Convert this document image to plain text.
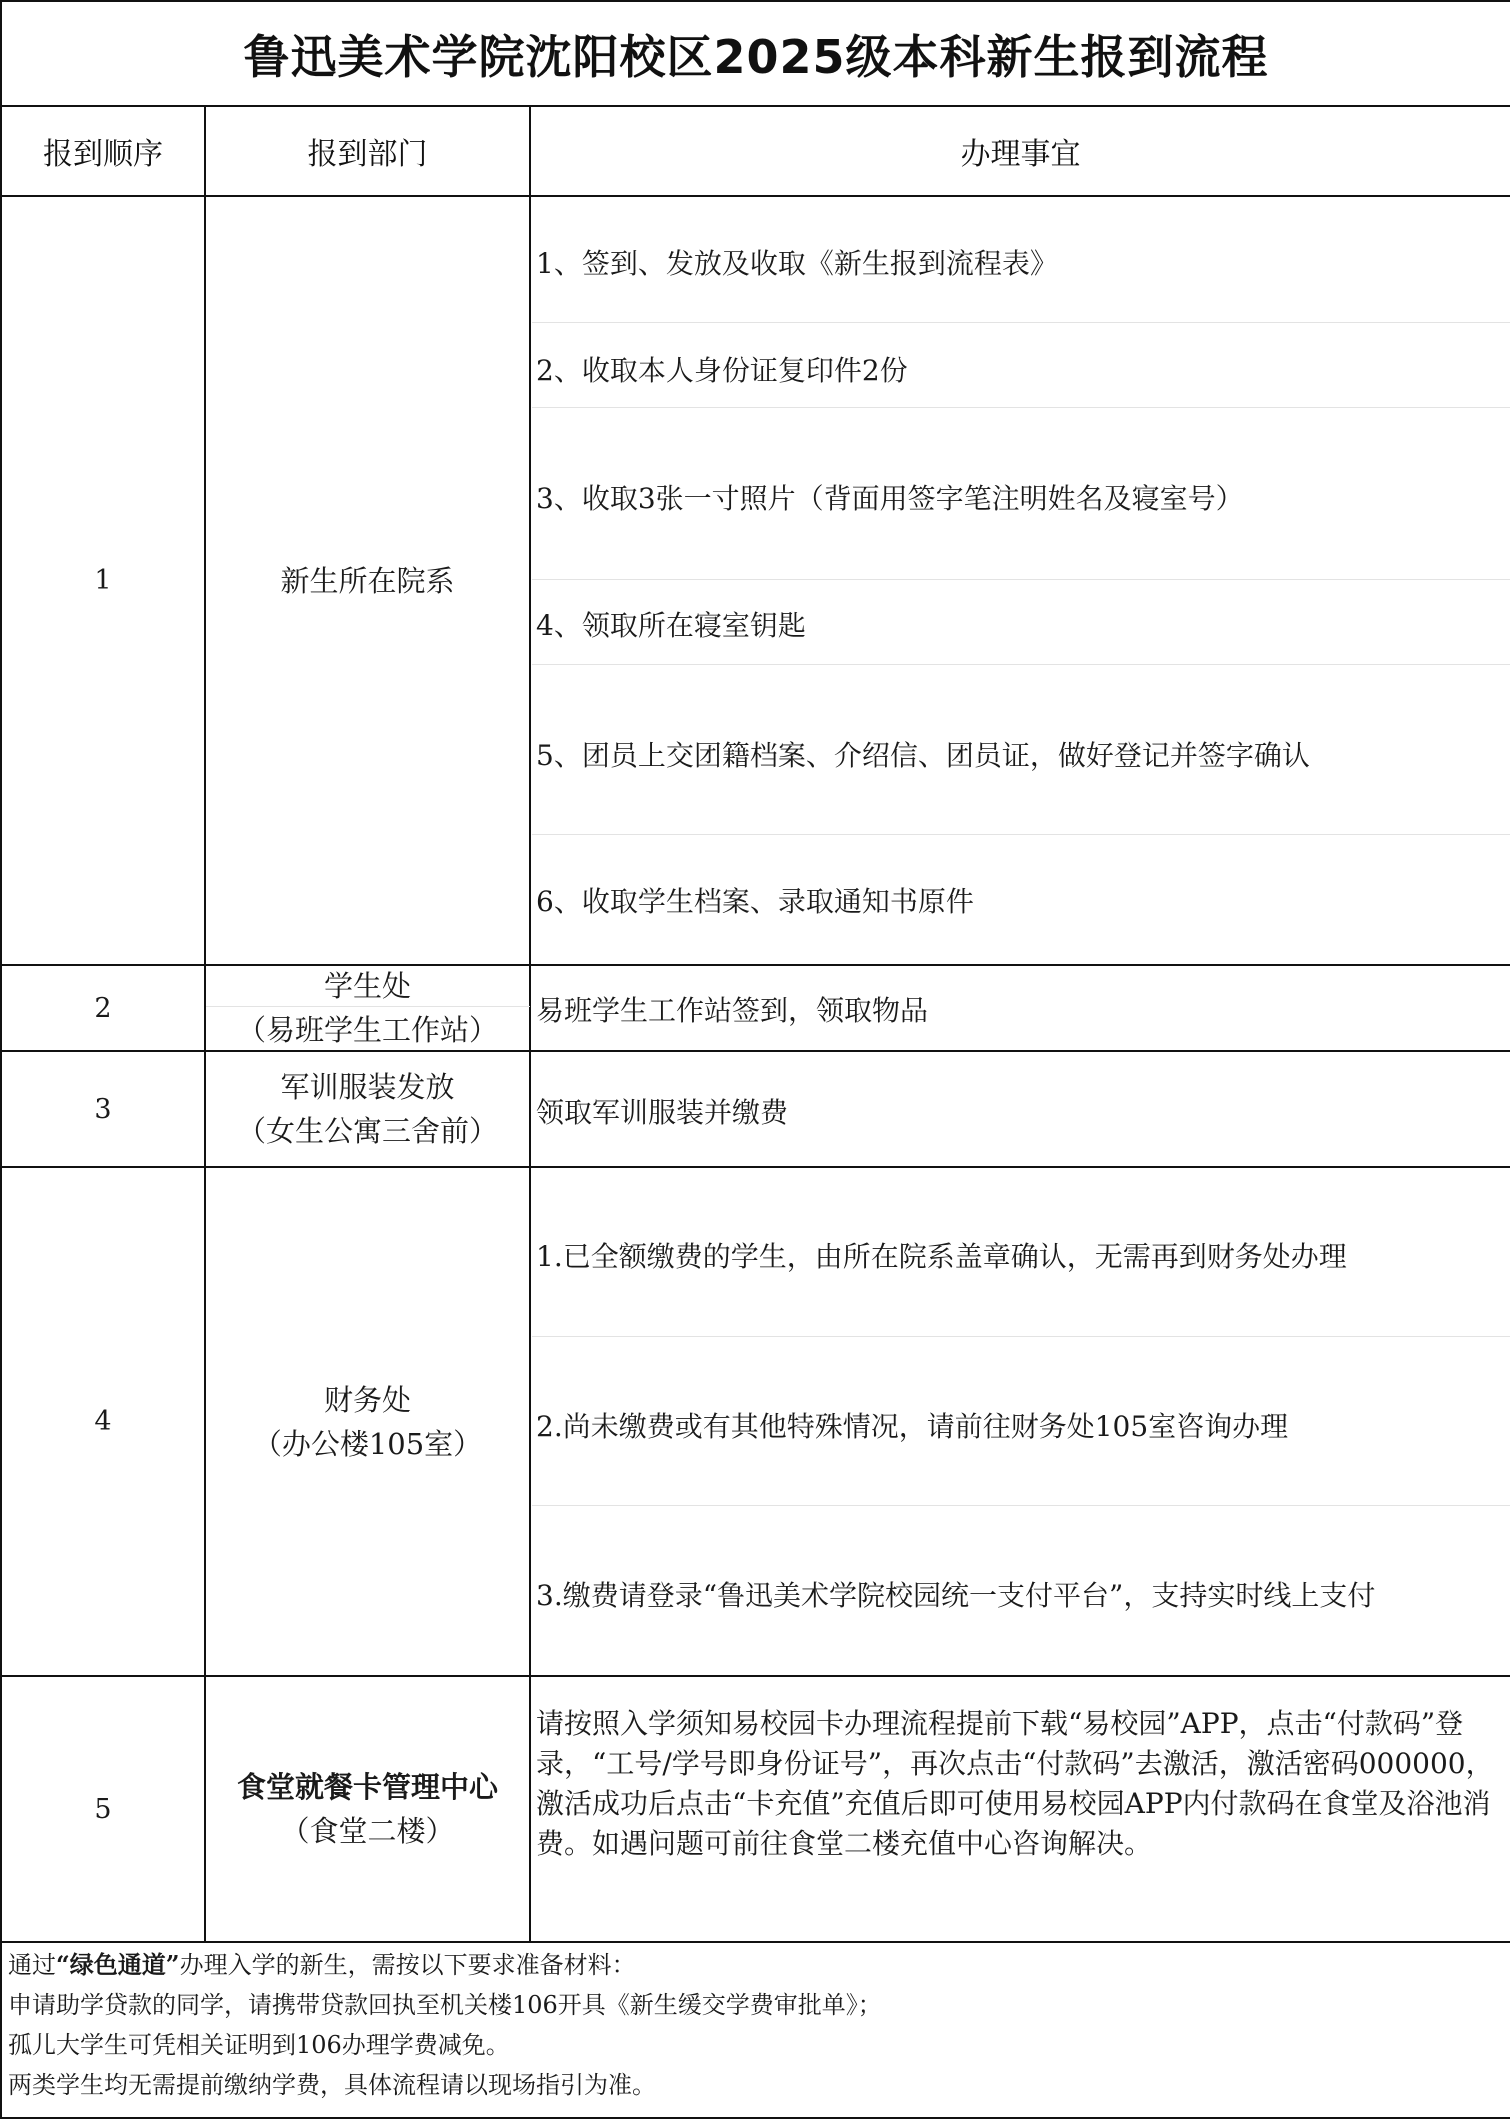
鲁迅美术学院沈阳校区2025级本科新生报到流程
报到顺序	报到部门	办理事宜
1	新生所在院系
1、签到、发放及收取《新生报到流程表》
2、收取本人身份证复印件2份
3、收取3张一寸照片（背面用签字笔注明姓名及寝室号）
4、领取所在寝室钥匙
5、团员上交团籍档案、介绍信、团员证，做好登记并签字确认
6、收取学生档案、录取通知书原件
2
学生处
（易班学生工作站）
易班学生工作站签到，领取物品
3
军训服装发放
（女生公寓三舍前）
领取军训服装并缴费
4
财务处
（办公楼105室）
1.已全额缴费的学生，由所在院系盖章确认，无需再到财务处办理
2.尚未缴费或有其他特殊情况，请前往财务处105室咨询办理
3.缴费请登录“鲁迅美术学院校园统一支付平台”，支持实时线上支付
5
食堂就餐卡管理中心
（食堂二楼）
请按照入学须知易校园卡办理流程提前下载“易校园”APP，点击“付款码”登录，“工号/学号即身份证号”，再次点击“付款码”去激活，激活密码000000，激活成功后点击“卡充值”充值后即可使用易校园APP内付款码在食堂及浴池消费。如遇问题可前往食堂二楼充值中心咨询解决。
通过“绿色通道”办理入学的新生，需按以下要求准备材料：
申请助学贷款的同学，请携带贷款回执至机关楼106开具《新生缓交学费审批单》；
孤儿大学生可凭相关证明到106办理学费减免。
两类学生均无需提前缴纳学费，具体流程请以现场指引为准。
